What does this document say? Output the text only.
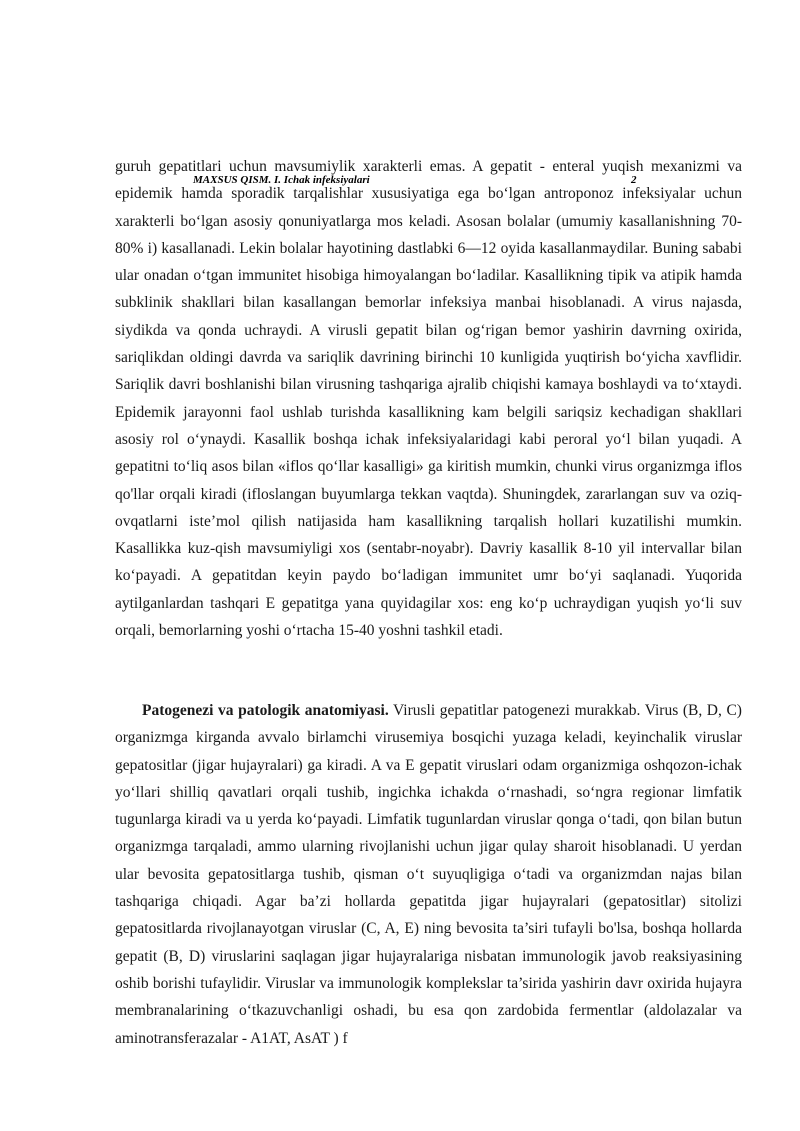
guruh gepatitlari uchun mavsumiylik xarakterli emas. A gepatit - enteral yuqish mexanizmi va epidemik hamda sporadik tarqalishlar xususiyatiga ega bo‘lgan antroponoz infeksiyalar uchun xarakterli bo‘lgan asosiy qonuniyatlarga mos keladi. Asosan bolalar (umumiy kasallanishning 70-80% i) kasallanadi. Lekin bolalar hayotining dastlabki 6—12 oyida kasallanmaydilar. Buning sababi ular onadan o‘tgan immunitet hisobiga himoyalangan bo‘ladilar. Kasallikning tipik va atipik hamda subklinik shakllari bilan kasallangan bemorlar infeksiya manbai hisoblanadi. A virus najasda, siydikda va qonda uchraydi. A virusli gepatit bilan og‘rigan bemor yashirin davrning oxirida, sariqlikdan oldingi davrda va sariqlik davrining birinchi 10 kunligida yuqtirish bo‘yicha xavflidir. Sariqlik davri boshlanishi bilan virusning tashqariga ajralib chiqishi kamaya boshlaydi va to‘xtaydi. Epidemik jarayonni faol ushlab turishda kasallikning kam belgili sariqsiz kechadigan shakllari asosiy rol o‘ynaydi. Kasallik boshqa ichak infeksiyalaridagi kabi peroral yo‘l bilan yuqadi. A gepatitni to‘liq asos bilan «iflos qo‘llar kasalligi» ga kiritish mumkin, chunki virus organizmga iflos qo'llar orqali kiradi (ifloslangan buyumlarga tekkan vaqtda). Shuningdek, zararlangan suv va oziq-ovqatlarni iste’mol qilish natijasida ham kasallikning tarqalish hollari kuzatilishi mumkin. Kasallikka kuz-qish mavsumiyligi xos (sentabr-noyabr). Davriy kasallik 8-10 yil intervallar bilan ko‘payadi. A gepatitdan keyin paydo bo‘ladigan immunitet umr bo‘yi saqlanadi. Yuqorida aytilganlardan tashqari E gepatitga yana quyidagilar xos: eng ko‘p uchraydigan yuqish yo‘li suv orqali, bemorlarning yoshi o‘rtacha 15-40 yoshni tashkil etadi.

MAXSUS QISM. I. Ichak infeksiyalari	2

Patogenezi va patologik anatomiyasi. Virusli gepatitlar patogenezi murakkab. Virus (B, D, C) organizmga kirganda avvalo birlamchi virusemiya bosqichi yuzaga keladi, keyinchalik viruslar gepatositlar (jigar hujayralari) ga kiradi. A va E gepatit viruslari odam organizmiga oshqozon-ichak yo‘llari shilliq qavatlari orqali tushib, ingichka ichakda o‘rnashadi, so‘ngra regionar limfatik tugunlarga kiradi va u yerda ko‘payadi. Limfatik tugunlardan viruslar qonga o‘tadi, qon bilan butun organizmga tarqaladi, ammo ularning rivojlanishi uchun jigar qulay sharoit hisoblanadi. U yerdan ular bevosita gepatositlarga tushib, qisman o‘t suyuqligiga o‘tadi va organizmdan najas bilan tashqariga chiqadi. Agar ba’zi hollarda gepatitda jigar hujayralari (gepatositlar) sitolizi gepatositlarda rivojlanayotgan viruslar (C, A, E) ning bevosita ta’siri tufayli bo'lsa, boshqa hollarda gepatit (B, D) viruslarini saqlagan jigar hujayralariga nisbatan immunologik javob reaksiyasining oshib borishi tufaylidir. Viruslar va immunologik komplekslar ta’sirida yashirin davr oxirida hujayra membranalarining o‘tkazuvchanligi oshadi, bu esa qon zardobida fermentlar (aldolazalar va aminotransferazalar - A1AT, AsAT ) f
